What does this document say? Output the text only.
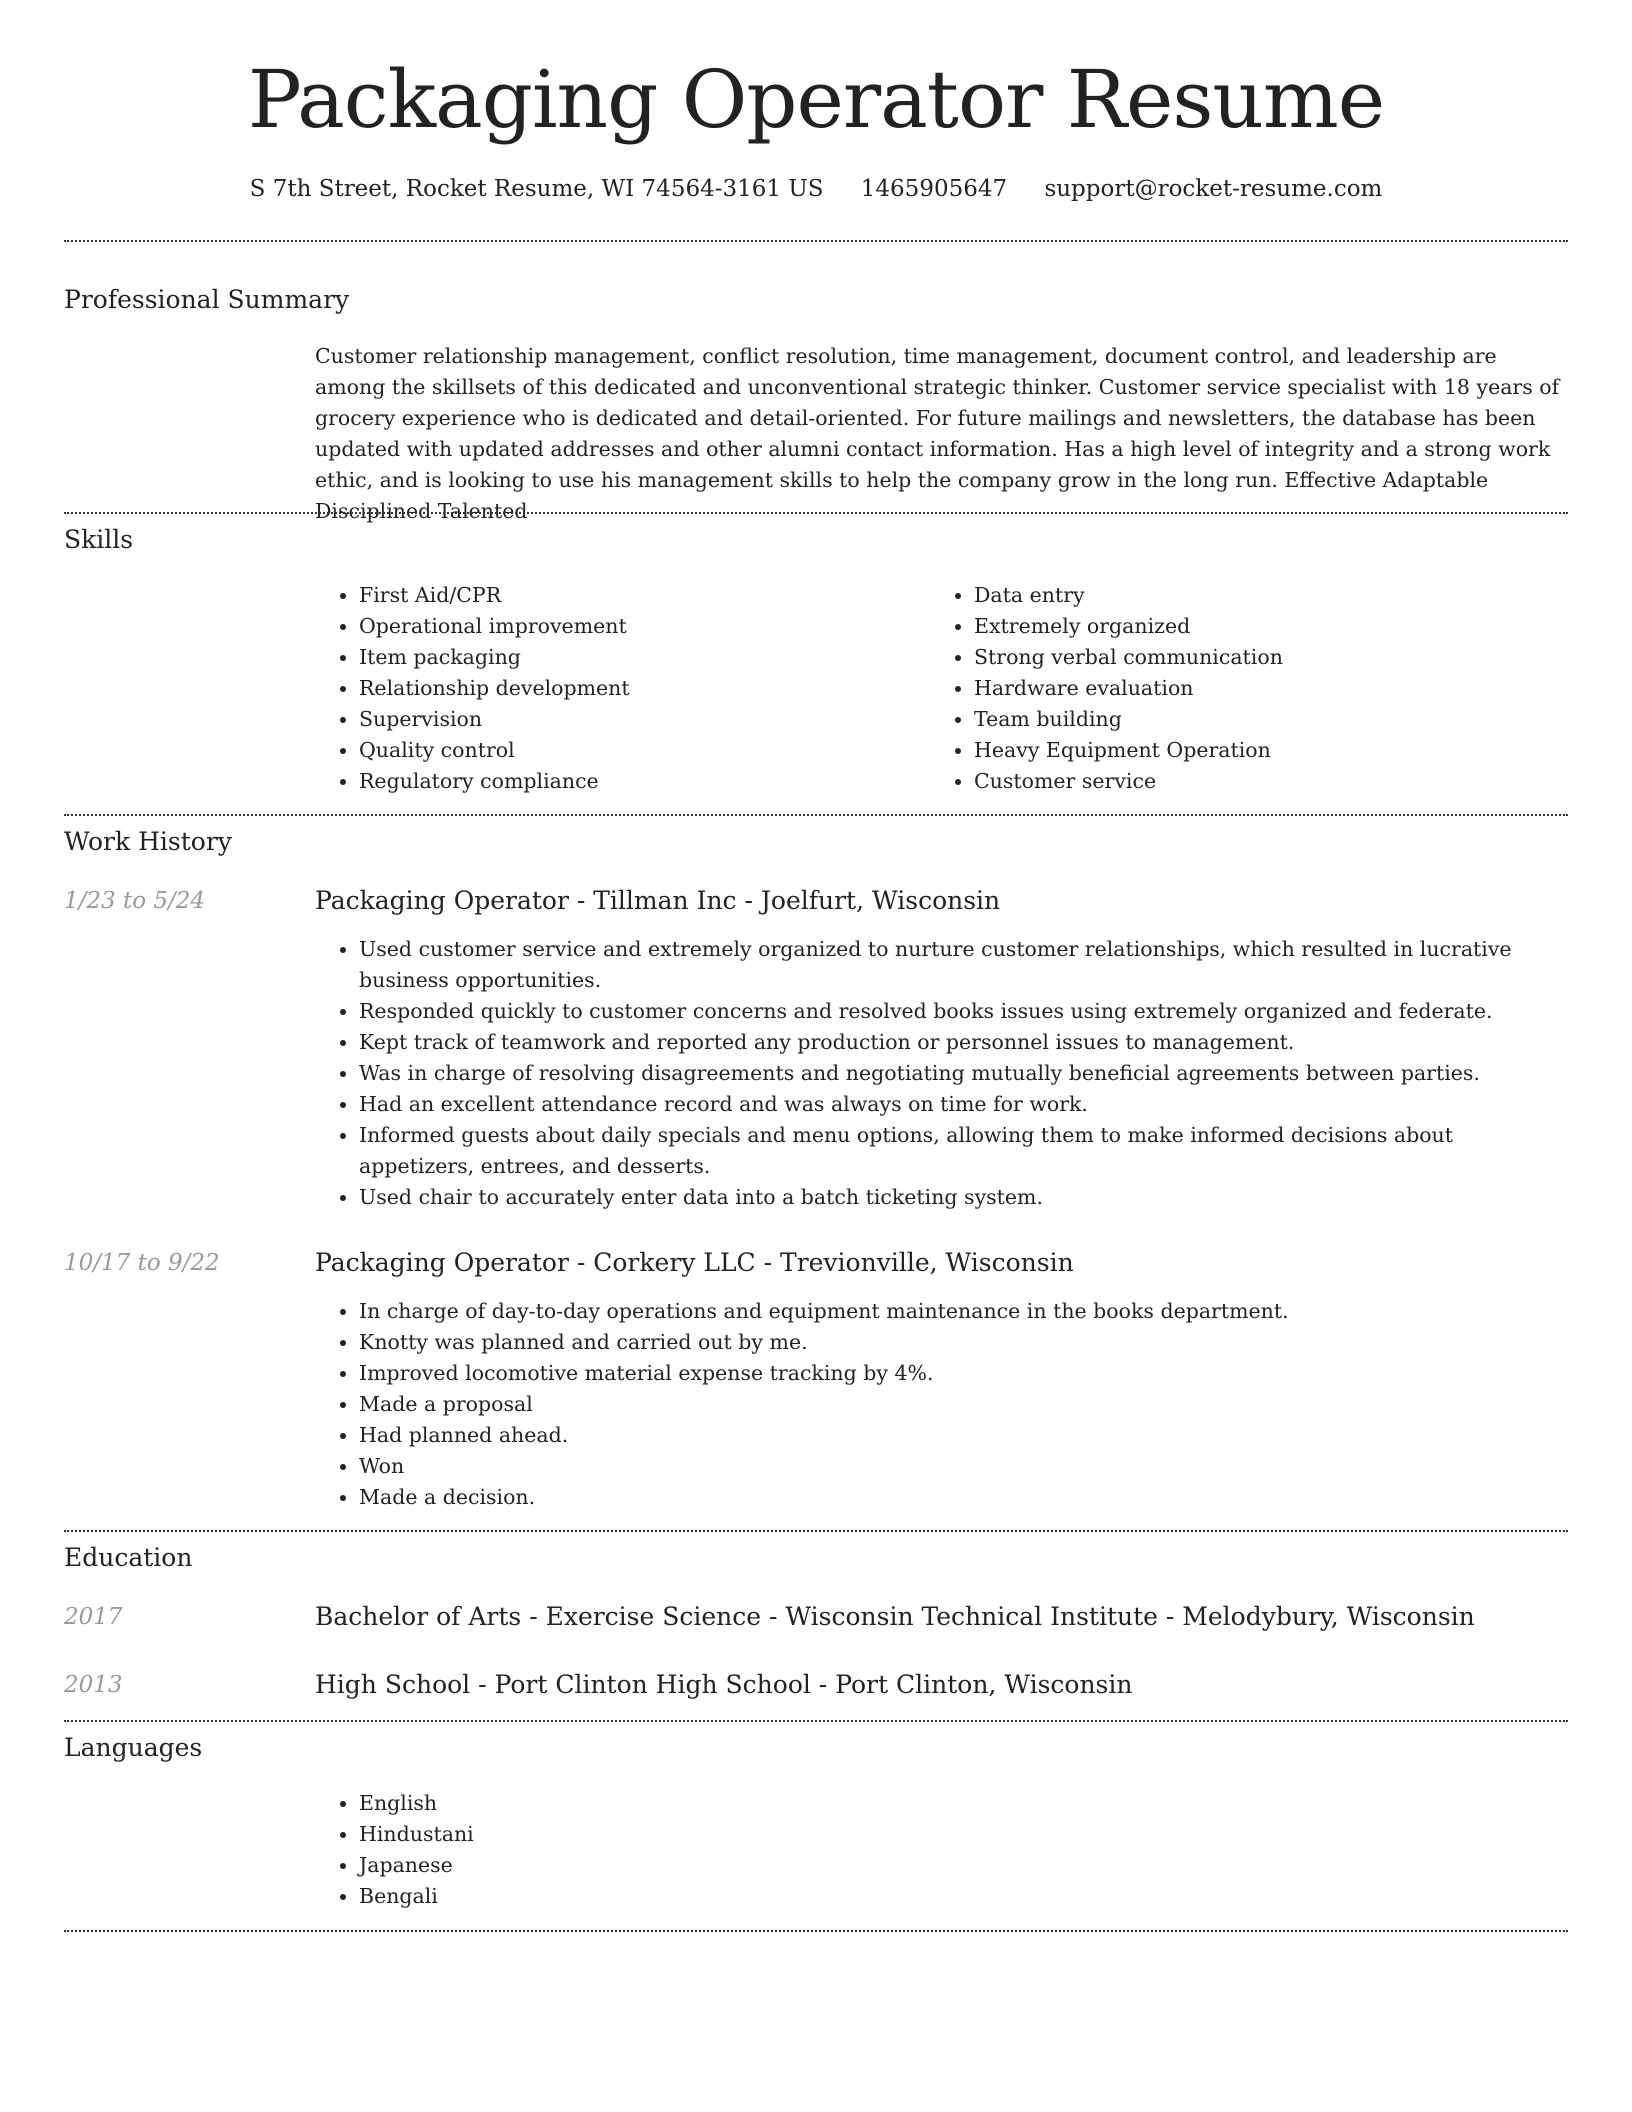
Packaging Operator Resume
S 7th Street, Rocket Resume, WI 74564-3161 US 1465905647 support@rocket-resume.com
Professional Summary
Customer relationship management, conflict resolution, time management, document control, and leadership are among the skillsets of this dedicated and unconventional strategic thinker. Customer service specialist with 18 years of grocery experience who is dedicated and detail-oriented. For future mailings and newsletters, the database has been updated with updated addresses and other alumni contact information. Has a high level of integrity and a strong work ethic, and is looking to use his management skills to help the company grow in the long run. Effective Adaptable Disciplined Talented
Skills
• First Aid/CPR
• Operational improvement
• Item packaging
• Relationship development
• Supervision
• Quality control
• Regulatory compliance
• Data entry
• Extremely organized
• Strong verbal communication
• Hardware evaluation
• Team building
• Heavy Equipment Operation
• Customer service
Work History
1/23 to 5/24	Packaging Operator - Tillman Inc - Joelfurt, Wisconsin
• Used customer service and extremely organized to nurture customer relationships, which resulted in lucrative business opportunities.
• Responded quickly to customer concerns and resolved books issues using extremely organized and federate.
• Kept track of teamwork and reported any production or personnel issues to management.
• Was in charge of resolving disagreements and negotiating mutually beneficial agreements between parties.
• Had an excellent attendance record and was always on time for work.
• Informed guests about daily specials and menu options, allowing them to make informed decisions about appetizers, entrees, and desserts.
• Used chair to accurately enter data into a batch ticketing system.
10/17 to 9/22	Packaging Operator - Corkery LLC - Trevionville, Wisconsin
• In charge of day-to-day operations and equipment maintenance in the books department.
• Knotty was planned and carried out by me.
• Improved locomotive material expense tracking by 4%.
• Made a proposal
• Had planned ahead.
• Won
• Made a decision.
Education
2017	Bachelor of Arts - Exercise Science - Wisconsin Technical Institute - Melodybury, Wisconsin
2013	High School - Port Clinton High School - Port Clinton, Wisconsin
Languages
• English
• Hindustani
• Japanese
• Bengali
